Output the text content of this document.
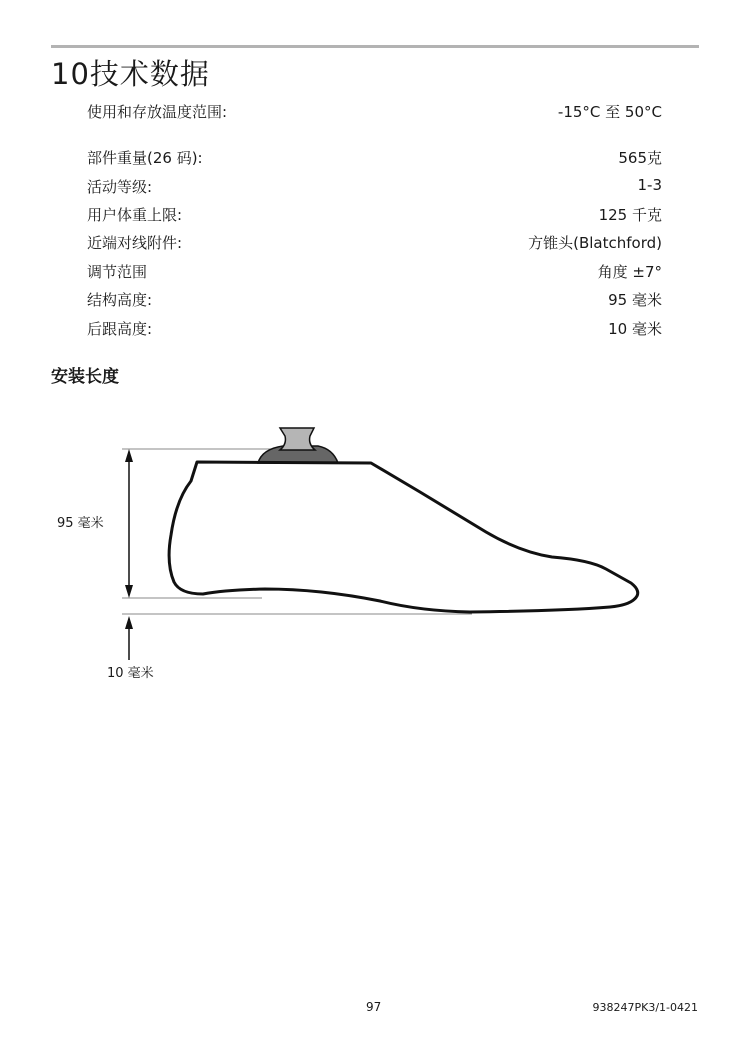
10技术数据
使用和存放温度范围:	-15°C 至 50°C
部件重量(26 码):	565克
活动等级:	1-3
用户体重上限:	125 千克
近端对线附件:	方锥头(Blatchford)
调节范围	角度 ±7°
结构高度:	95 毫米
后跟高度:	10 毫米
安装长度
95 毫米
10 毫米
97	938247PK3/1-0421
